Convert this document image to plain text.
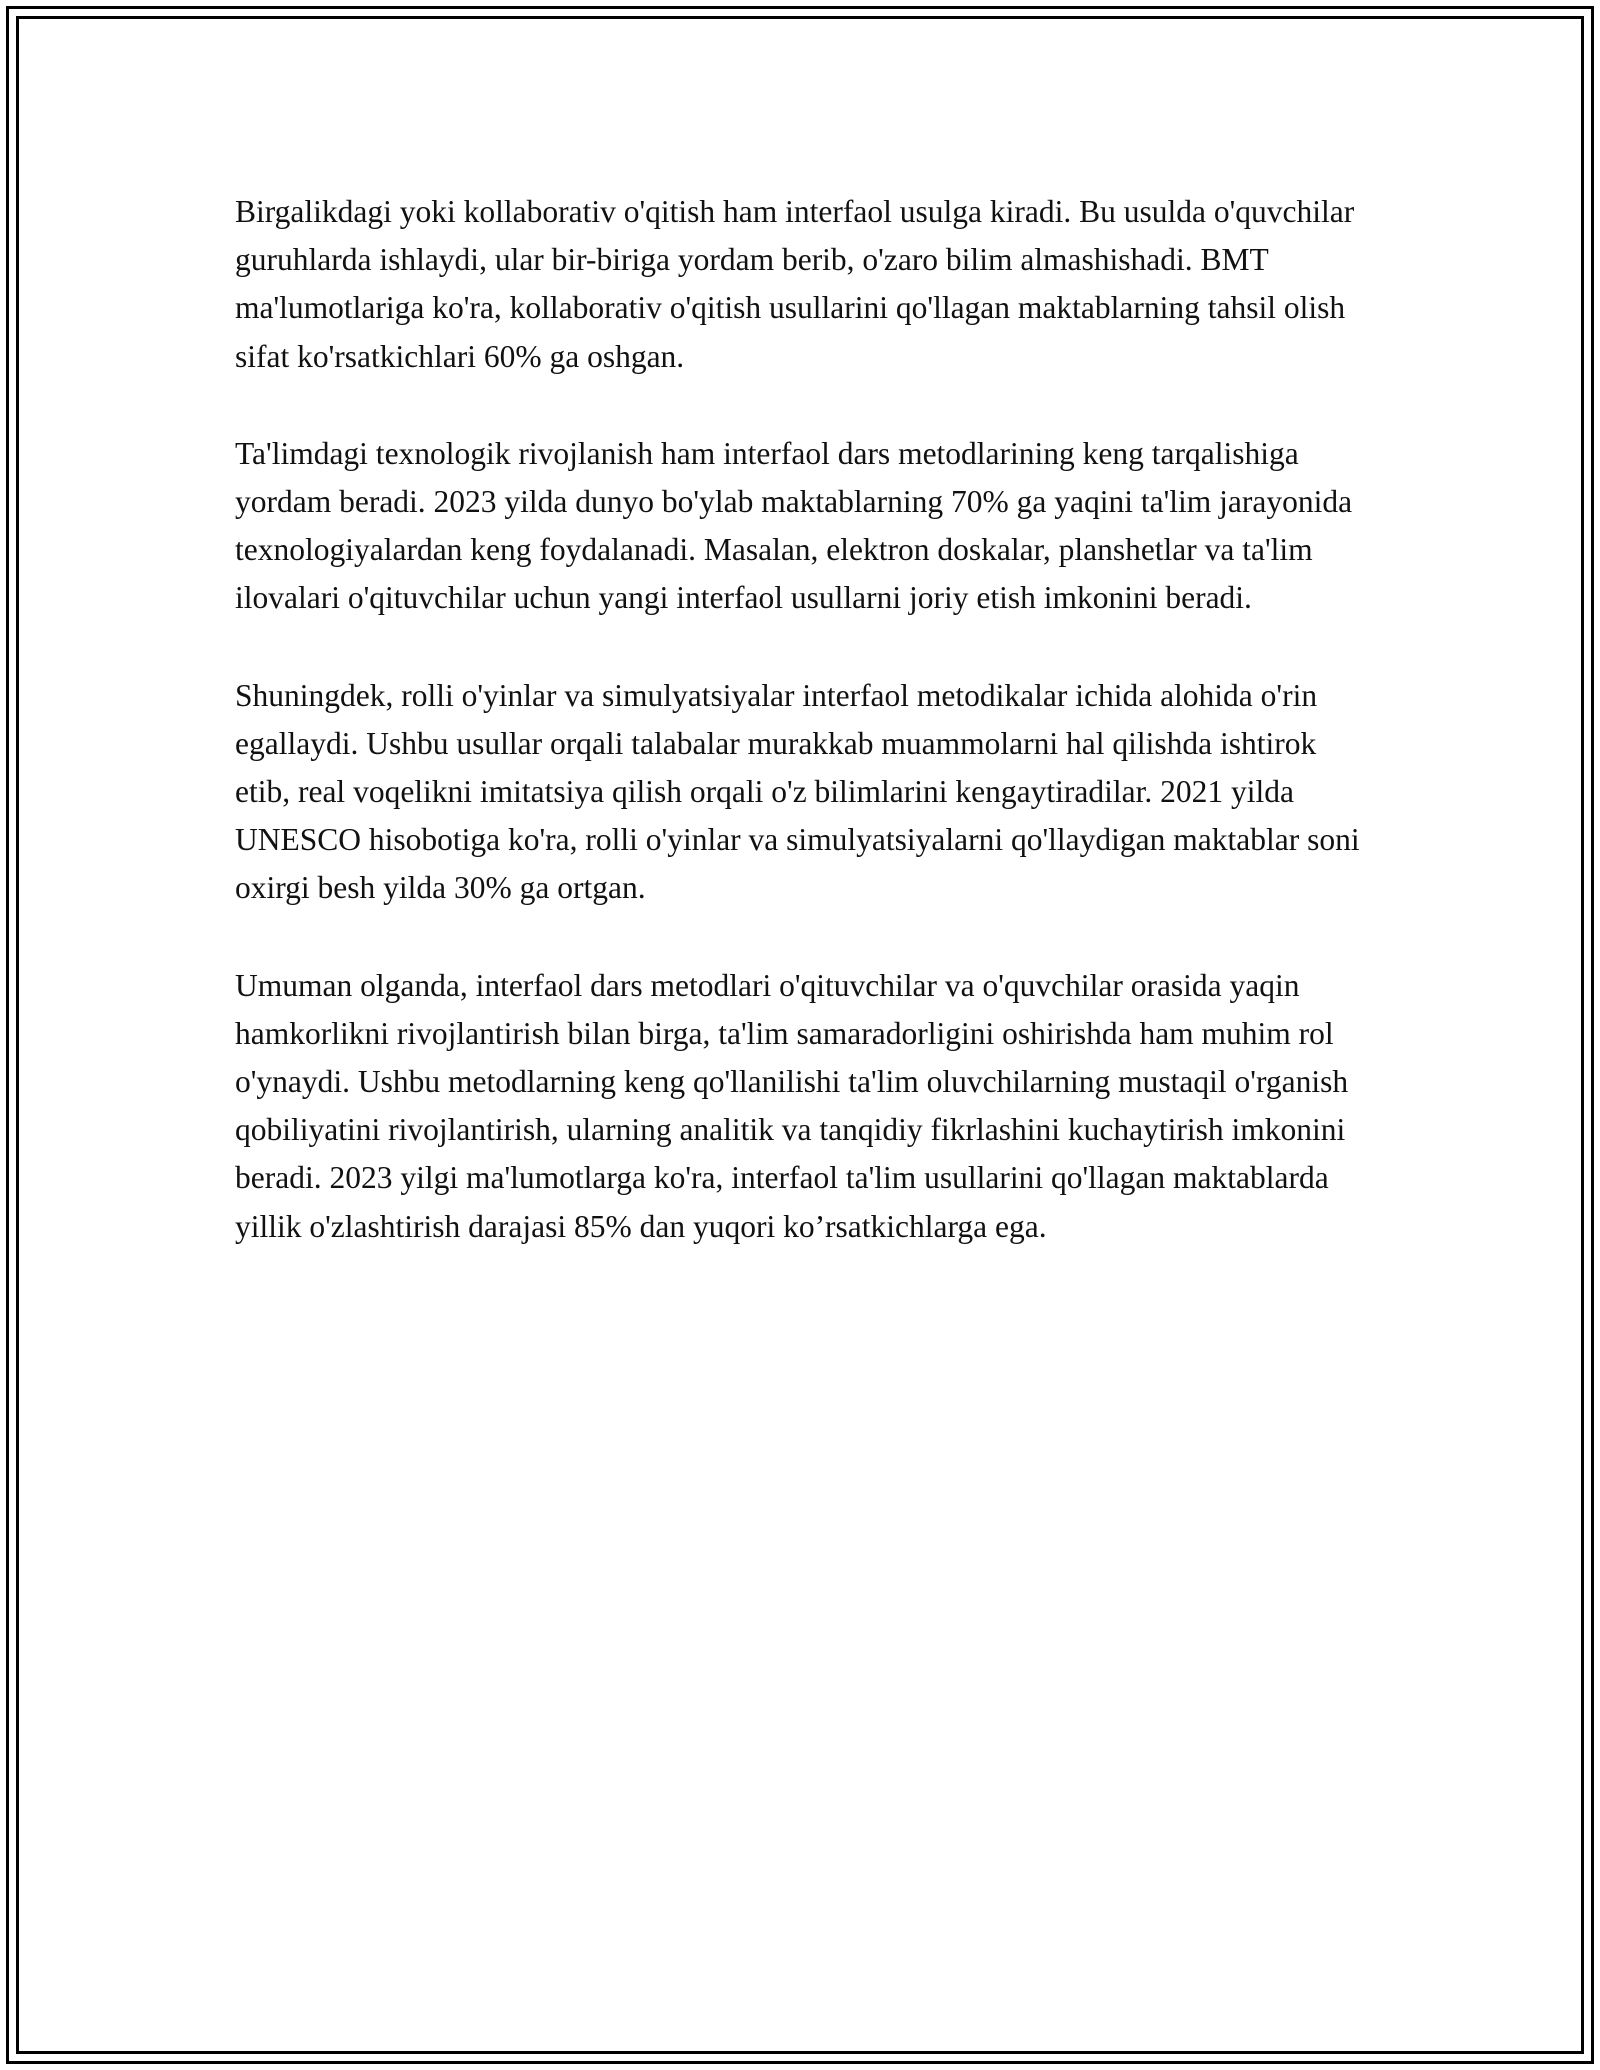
Birgalikdagi yoki kollaborativ o'qitish ham interfaol usulga kiradi. Bu usulda o'quvchilar guruhlarda ishlaydi, ular bir-biriga yordam berib, o'zaro bilim almashishadi. BMT ma'lumotlariga ko'ra, kollaborativ o'qitish usullarini qo'llagan maktablarning tahsil olish sifat ko'rsatkichlari 60% ga oshgan.

Ta'limdagi texnologik rivojlanish ham interfaol dars metodlarining keng tarqalishiga yordam beradi. 2023 yilda dunyo bo'ylab maktablarning 70% ga yaqini ta'lim jarayonida texnologiyalardan keng foydalanadi. Masalan, elektron doskalar, planshetlar va ta'lim ilovalari o'qituvchilar uchun yangi interfaol usullarni joriy etish imkonini beradi.

Shuningdek, rolli o'yinlar va simulyatsiyalar interfaol metodikalar ichida alohida o'rin egallaydi. Ushbu usullar orqali talabalar murakkab muammolarni hal qilishda ishtirok etib, real voqelikni imitatsiya qilish orqali o'z bilimlarini kengaytiradilar. 2021 yilda UNESCO hisobotiga ko'ra, rolli o'yinlar va simulyatsiyalarni qo'llaydigan maktablar soni oxirgi besh yilda 30% ga ortgan.

Umuman olganda, interfaol dars metodlari o'qituvchilar va o'quvchilar orasida yaqin hamkorlikni rivojlantirish bilan birga, ta'lim samaradorligini oshirishda ham muhim rol o'ynaydi. Ushbu metodlarning keng qo'llanilishi ta'lim oluvchilarning mustaqil o'rganish qobiliyatini rivojlantirish, ularning analitik va tanqidiy fikrlashini kuchaytirish imkonini beradi. 2023 yilgi ma'lumotlarga ko'ra, interfaol ta'lim usullarini qo'llagan maktablarda yillik o'zlashtirish darajasi 85% dan yuqori ko’rsatkichlarga ega.
